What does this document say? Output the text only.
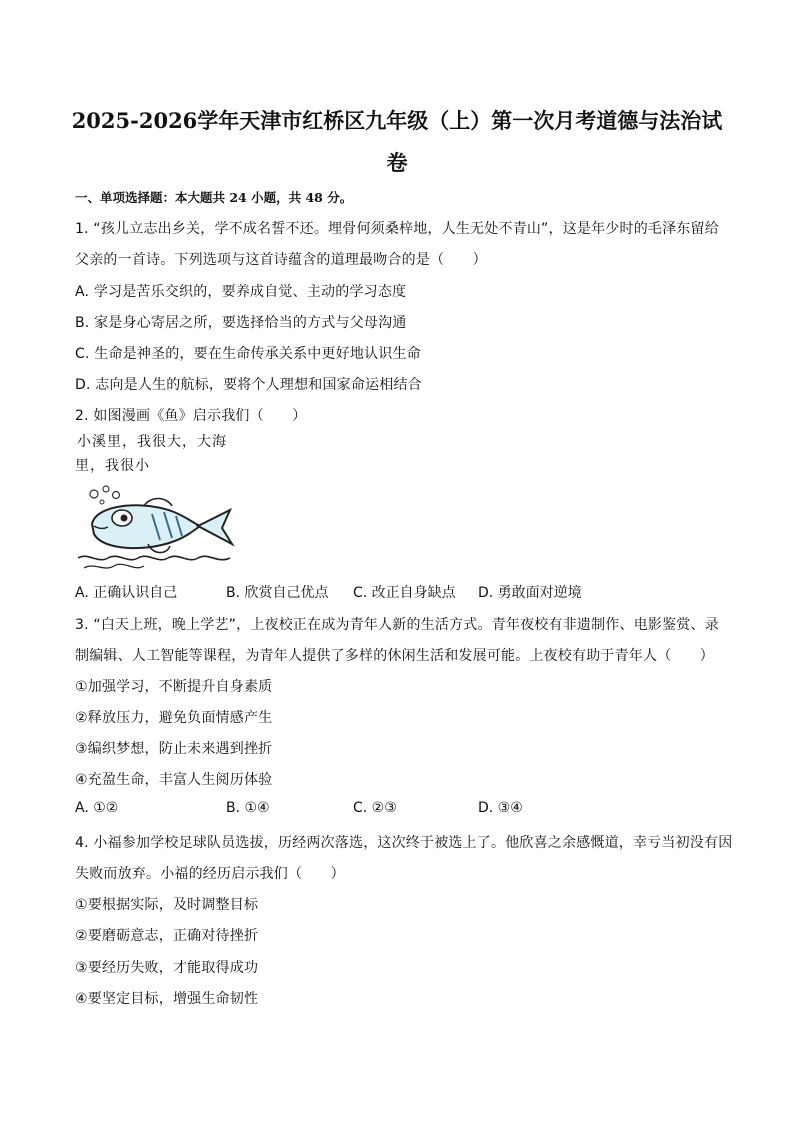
2025-2026学年天津市红桥区九年级（上）第一次月考道德与法治试
卷
一、单项选择题：本大题共 24 小题，共 48 分。
1. “孩儿立志出乡关，学不成名誓不还。埋骨何须桑梓地，人生无处不青山”，这是年少时的毛泽东留给
父亲的一首诗。下列选项与这首诗蕴含的道理最吻合的是（　　）
A. 学习是苦乐交织的，要养成自觉、主动的学习态度
B. 家是身心寄居之所，要选择恰当的方式与父母沟通
C. 生命是神圣的，要在生命传承关系中更好地认识生命
D. 志向是人生的航标，要将个人理想和国家命运相结合
2. 如图漫画《鱼》启示我们（　　）
小溪里，我很大，大海
里，我很小
A. 正确认识自己	B. 欣赏自己优点 C. 改正自身缺点 D. 勇敢面对逆境
3. “白天上班，晚上学艺”，上夜校正在成为青年人新的生活方式。青年夜校有非遗制作、电影鉴赏、录
制编辑、人工智能等课程，为青年人提供了多样的休闲生活和发展可能。上夜校有助于青年人（　　）
①加强学习，不断提升自身素质
②释放压力，避免负面情感产生
③编织梦想，防止未来遇到挫折
④充盈生命，丰富人生阅历体验
A. ①②	B. ①④	C. ②③	D. ③④
4. 小福参加学校足球队员选拔，历经两次落选，这次终于被选上了。他欣喜之余感慨道，幸亏当初没有因
失败而放弃。小福的经历启示我们（　　）
①要根据实际，及时调整目标
②要磨砺意志，正确对待挫折
③要经历失败，才能取得成功
④要坚定目标，增强生命韧性
